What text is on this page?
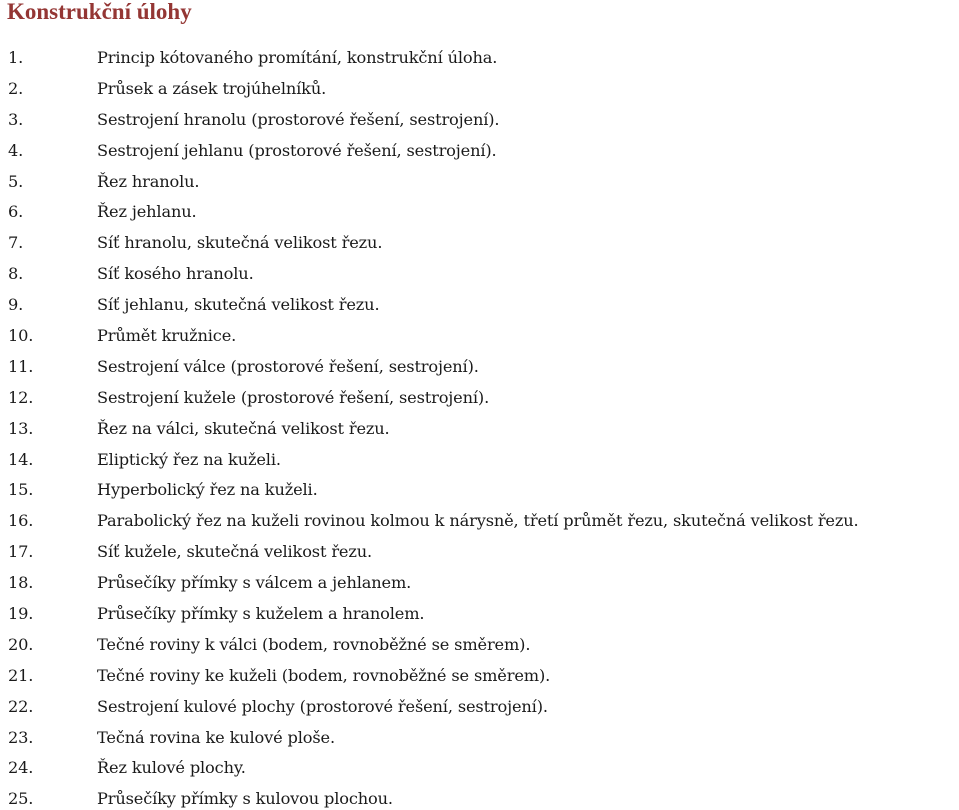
Konstrukční úlohy
1.	Princip kótovaného promítání, konstrukční úloha.
2.	Průsek a zásek trojúhelníků.
3.	Sestrojení hranolu (prostorové řešení, sestrojení).
4.	Sestrojení jehlanu (prostorové řešení, sestrojení).
5.	Řez hranolu.
6.	Řez jehlanu.
7.	Síť hranolu, skutečná velikost řezu.
8.	Síť kosého hranolu.
9.	Síť jehlanu, skutečná velikost řezu.
10.	Průmět kružnice.
11.	Sestrojení válce (prostorové řešení, sestrojení).
12.	Sestrojení kužele (prostorové řešení, sestrojení).
13.	Řez na válci, skutečná velikost řezu.
14.	Eliptický řez na kuželi.
15.	Hyperbolický řez na kuželi.
16.	Parabolický řez na kuželi rovinou kolmou k nárysně, třetí průmět řezu, skutečná velikost řezu.
17.	Síť kužele, skutečná velikost řezu.
18.	Průsečíky přímky s válcem a jehlanem.
19.	Průsečíky přímky s kuželem a hranolem.
20.	Tečné roviny k válci (bodem, rovnoběžné se směrem).
21.	Tečné roviny ke kuželi (bodem, rovnoběžné se směrem).
22.	Sestrojení kulové plochy (prostorové řešení, sestrojení).
23.	Tečná rovina ke kulové ploše.
24.	Řez kulové plochy.
25.	Průsečíky přímky s kulovou plochou.
